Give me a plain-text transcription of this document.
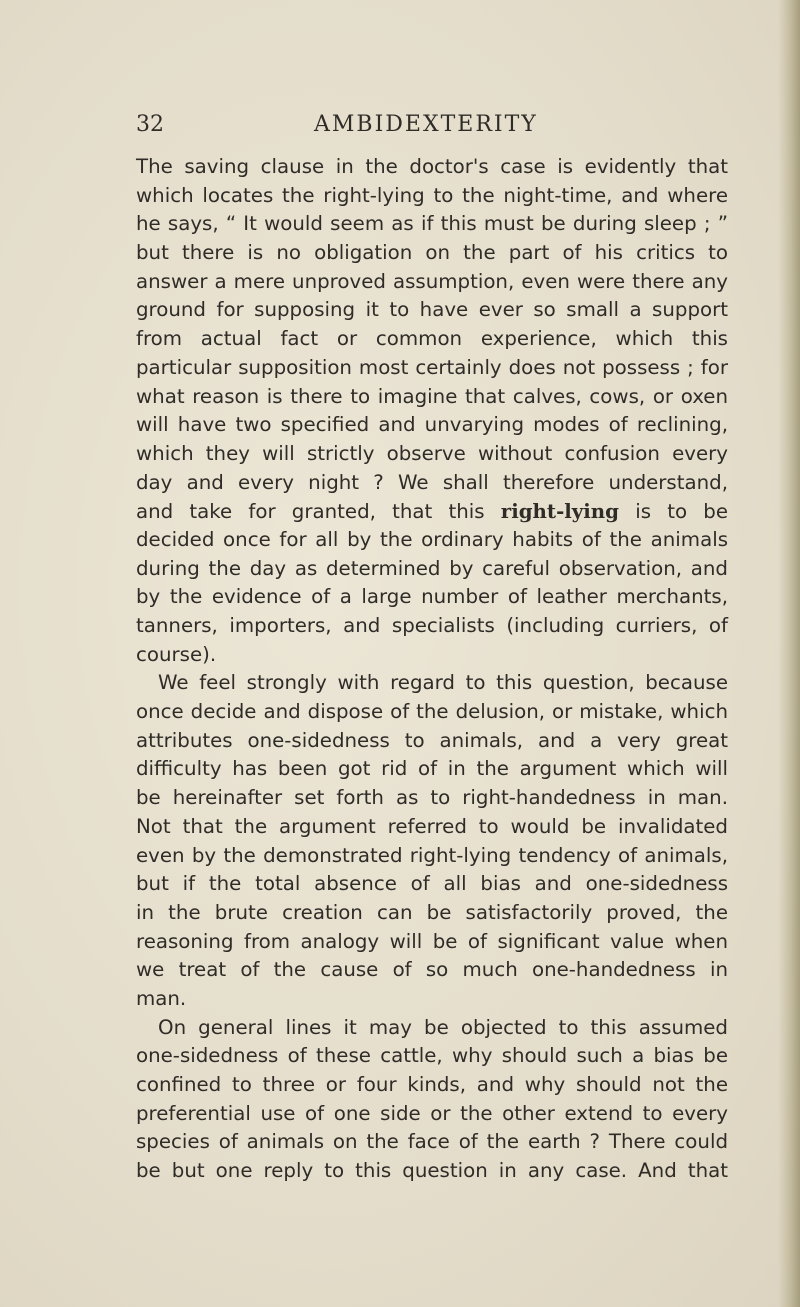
32	AMBIDEXTERITY
The saving clause in the doctor's case is evidently that
which locates the right-lying to the night-time, and where
he says, “ It would seem as if this must be during sleep ; ”
but there is no obligation on the part of his critics to
answer a mere unproved assumption, even were there any
ground for supposing it to have ever so small a support
from actual fact or common experience, which this
particular supposition most certainly does not possess ; for
what reason is there to imagine that calves, cows, or oxen
will have two specified and unvarying modes of reclining,
which they will strictly observe without confusion every
day and every night ? We shall therefore understand,
and take for granted, that this right-lying is to be
decided once for all by the ordinary habits of the animals
during the day as determined by careful observation, and
by the evidence of a large number of leather merchants,
tanners, importers, and specialists (including curriers, of
course).
We feel strongly with regard to this question, because
once decide and dispose of the delusion, or mistake, which
attributes one-sidedness to animals, and a very great
difficulty has been got rid of in the argument which will
be hereinafter set forth as to right-handedness in man.
Not that the argument referred to would be invalidated
even by the demonstrated right-lying tendency of animals,
but if the total absence of all bias and one-sidedness
in the brute creation can be satisfactorily proved, the
reasoning from analogy will be of significant value when
we treat of the cause of so much one-handedness in
man.
On general lines it may be objected to this assumed
one-sidedness of these cattle, why should such a bias be
confined to three or four kinds, and why should not the
preferential use of one side or the other extend to every
species of animals on the face of the earth ? There could
be but one reply to this question in any case. And that
